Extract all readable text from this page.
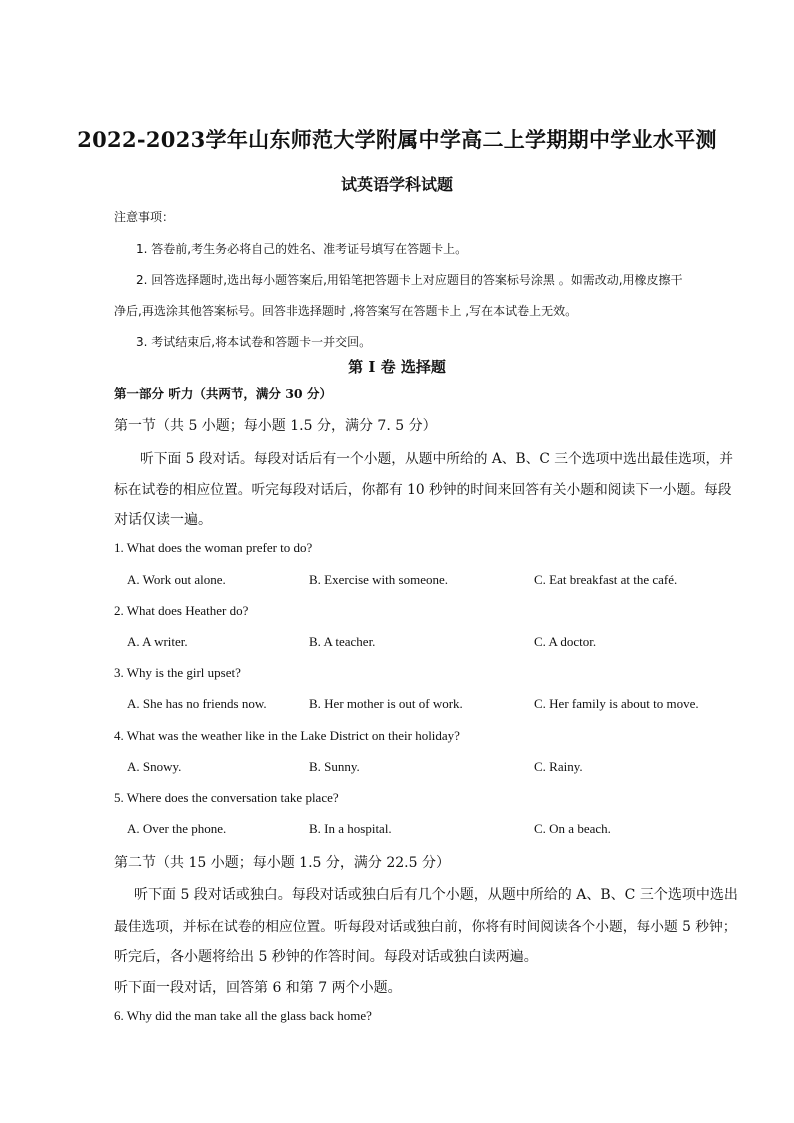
2022-2023学年山东师范大学附属中学高二上学期期中学业水平测
试英语学科试题
注意事项：
1. 答卷前,考生务必将自己的姓名、准考证号填写在答题卡上。
2. 回答选择题时,选出每小题答案后,用铅笔把答题卡上对应题目的答案标号涂黑 。如需改动,用橡皮擦干
净后,再选涂其他答案标号。回答非选择题时 ,将答案写在答题卡上 ,写在本试卷上无效。
3. 考试结束后,将本试卷和答题卡一并交回。
第 I 卷 选择题
第一部分 听力（共两节，满分 30 分）
第一节（共 5 小题；每小题 1.5 分，满分 7. 5 分）
听下面 5 段对话。每段对话后有一个小题，从题中所给的 A、B、C 三个选项中选出最佳选项，并
标在试卷的相应位置。听完每段对话后，你都有 10 秒钟的时间来回答有关小题和阅读下一小题。每段
对话仅读一遍。
1. What does the woman prefer to do?
A. Work out alone.	B. Exercise with someone.	C. Eat breakfast at the café.
2. What does Heather do?
A. A writer.	B. A teacher.	C. A doctor.
3. Why is the girl upset?
A. She has no friends now.	B. Her mother is out of work.	C. Her family is about to move.
4. What was the weather like in the Lake District on their holiday?
A. Snowy.	B. Sunny.	C. Rainy.
5. Where does the conversation take place?
A. Over the phone.	B. In a hospital.	C. On a beach.
第二节（共 15 小题；每小题 1.5 分，满分 22.5 分）
听下面 5 段对话或独白。每段对话或独白后有几个小题，从题中所给的 A、B、C 三个选项中选出
最佳选项，并标在试卷的相应位置。听每段对话或独白前，你将有时间阅读各个小题，每小题 5 秒钟；
听完后，各小题将给出 5 秒钟的作答时间。每段对话或独白读两遍。
听下面一段对话，回答第 6 和第 7 两个小题。
6. Why did the man take all the glass back home?
